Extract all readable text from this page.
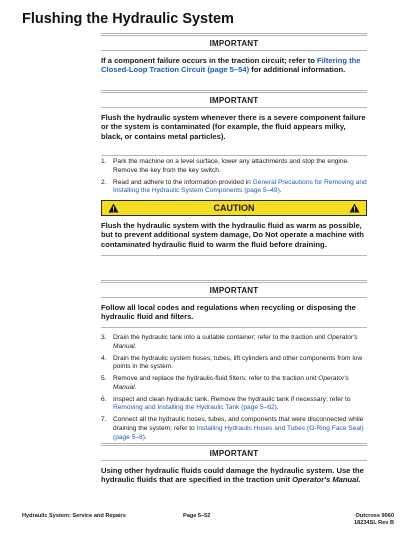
Flushing the Hydraulic System
IMPORTANT
If a component failure occurs in the traction circuit; refer to Filtering the Closed-Loop Traction Circuit (page 5–54) for additional information.
IMPORTANT
Flush the hydraulic system whenever there is a severe component failure or the system is contaminated (for example, the fluid appears milky, black, or contains metal particles).
1. Park the machine on a level surface, lower any attachments and stop the engine. Remove the key from the key switch.
2. Read and adhere to the information provided in General Precautions for Removing and Installing the Hydraulic System Components (page 5–49).
CAUTION
Flush the hydraulic system with the hydraulic fluid as warm as possible, but to prevent additional system damage, Do Not operate a machine with contaminated hydraulic fluid to warm the fluid before draining.
IMPORTANT
Follow all local codes and regulations when recycling or disposing the hydraulic fluid and filters.
3. Drain the hydraulic tank into a suitable container; refer to the traction unit Operator's Manual.
4. Drain the hydraulic system hoses, tubes, lift cylinders and other components from low points in the system.
5. Remove and replace the hydraulic-fluid filters; refer to the traction unit Operator's Manual.
6. Inspect and clean hydraulic tank. Remove the hydraulic tank if necessary; refer to Removing and Installing the Hydraulic Tank (page 5–62).
7. Connect all the hydraulic hoses, tubes, and components that were disconnected while draining the system; refer to Installing Hydraulic Hoses and Tubes (O-Ring Face Seal) (page 5–8).
IMPORTANT
Using other hydraulic fluids could damage the hydraulic system. Use the hydraulic fluids that are specified in the traction unit Operator's Manual.
Hydraulic System: Service and Repairs	Page 5–52	Outcross 9060
18234SL Rev B
